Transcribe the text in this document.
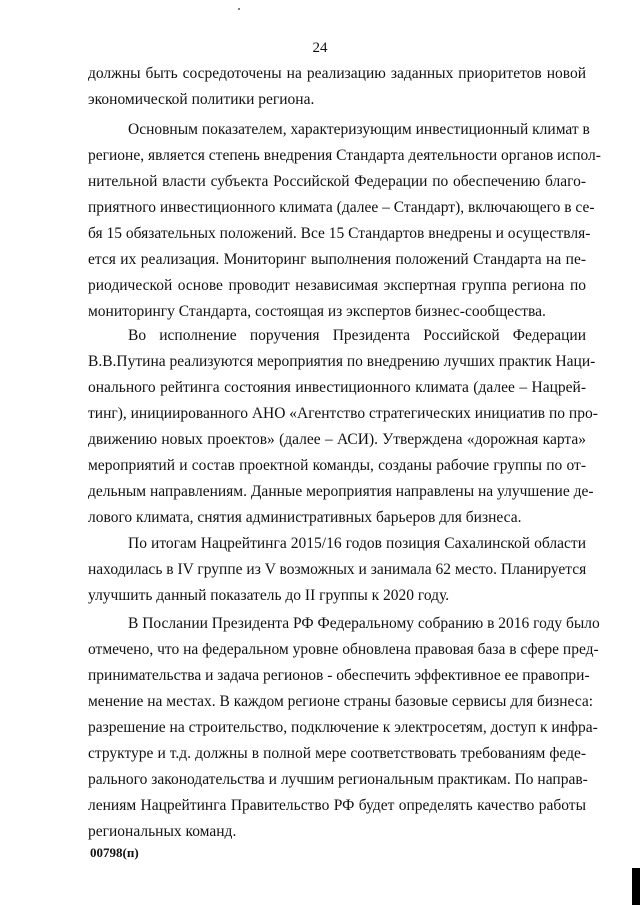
24
должны быть сосредоточены на реализацию заданных приоритетов новой
экономической политики региона.
Основным показателем, характеризующим инвестиционный климат в
регионе, является степень внедрения Стандарта деятельности органов испол-
нительной власти субъекта Российской Федерации по обеспечению благо-
приятного инвестиционного климата (далее – Стандарт), включающего в се-
бя 15 обязательных положений. Все 15 Стандартов внедрены и осуществля-
ется их реализация. Мониторинг выполнения положений Стандарта на пе-
риодической основе проводит независимая экспертная группа региона по
мониторингу Стандарта, состоящая из экспертов бизнес-сообщества.
Во исполнение поручения Президента Российской Федерации
В.В.Путина реализуются мероприятия по внедрению лучших практик Наци-
онального рейтинга состояния инвестиционного климата (далее – Нацрей-
тинг), инициированного АНО «Агентство стратегических инициатив по про-
движению новых проектов» (далее – АСИ). Утверждена «дорожная карта»
мероприятий и состав проектной команды, созданы рабочие группы по от-
дельным направлениям. Данные мероприятия направлены на улучшение де-
лового климата, снятия административных барьеров для бизнеса.
По итогам Нацрейтинга 2015/16 годов позиция Сахалинской области
находилась в IV группе из V возможных и занимала 62 место. Планируется
улучшить данный показатель до II группы к 2020 году.
В Послании Президента РФ Федеральному собранию в 2016 году было
отмечено, что на федеральном уровне обновлена правовая база в сфере пред-
принимательства и задача регионов - обеспечить эффективное ее правопри-
менение на местах. В каждом регионе страны базовые сервисы для бизнеса:
разрешение на строительство, подключение к электросетям, доступ к инфра-
структуре и т.д. должны в полной мере соответствовать требованиям феде-
рального законодательства и лучшим региональным практикам. По направ-
лениям Нацрейтинга Правительство РФ будет определять качество работы
региональных команд.
00798(п)
